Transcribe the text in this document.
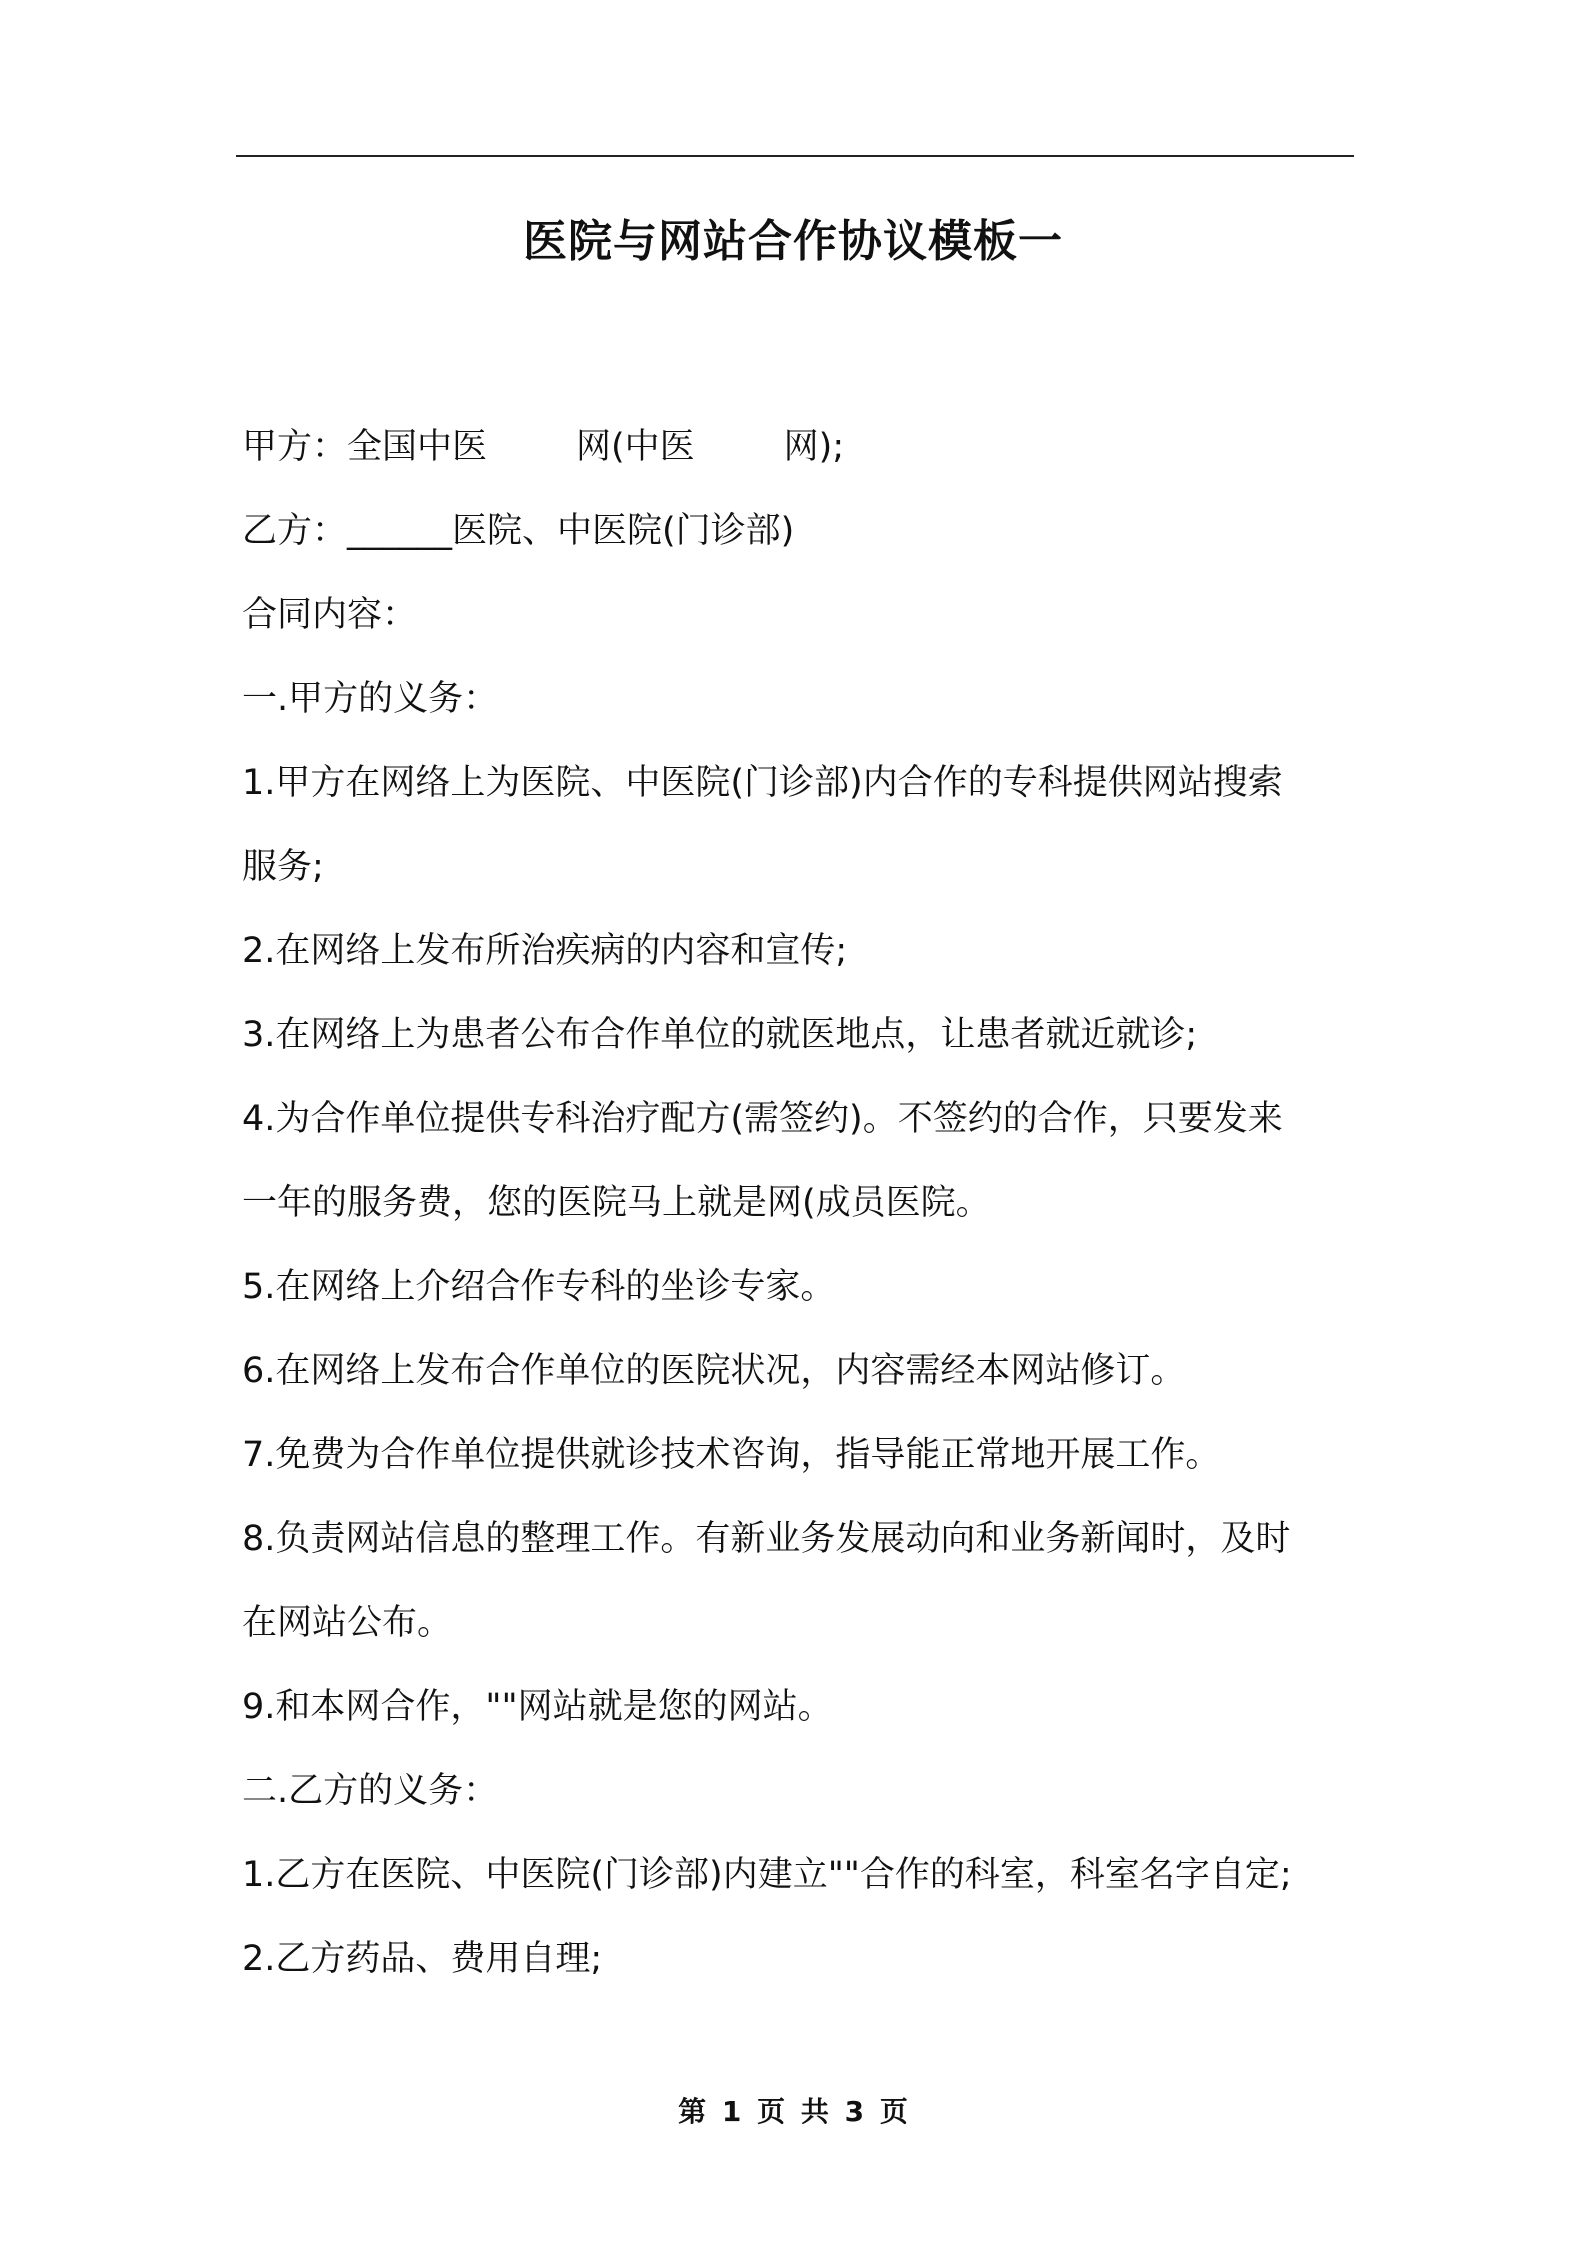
医院与网站合作协议模板一

甲方：全国中医        网(中医        网);

乙方：______医院、中医院(门诊部)

合同内容：

一.甲方的义务：

1.甲方在网络上为医院、中医院(门诊部)内合作的专科提供网站搜索

服务;

2.在网络上发布所治疾病的内容和宣传;

3.在网络上为患者公布合作单位的就医地点，让患者就近就诊;

4.为合作单位提供专科治疗配方(需签约)。不签约的合作，只要发来

一年的服务费，您的医院马上就是网(成员医院。

5.在网络上介绍合作专科的坐诊专家。

6.在网络上发布合作单位的医院状况，内容需经本网站修订。

7.免费为合作单位提供就诊技术咨询，指导能正常地开展工作。

8.负责网站信息的整理工作。有新业务发展动向和业务新闻时，及时

在网站公布。

9.和本网合作，""网站就是您的网站。

二.乙方的义务：

1.乙方在医院、中医院(门诊部)内建立""合作的科室，科室名字自定;

2.乙方药品、费用自理;

第 1 页 共 3 页
